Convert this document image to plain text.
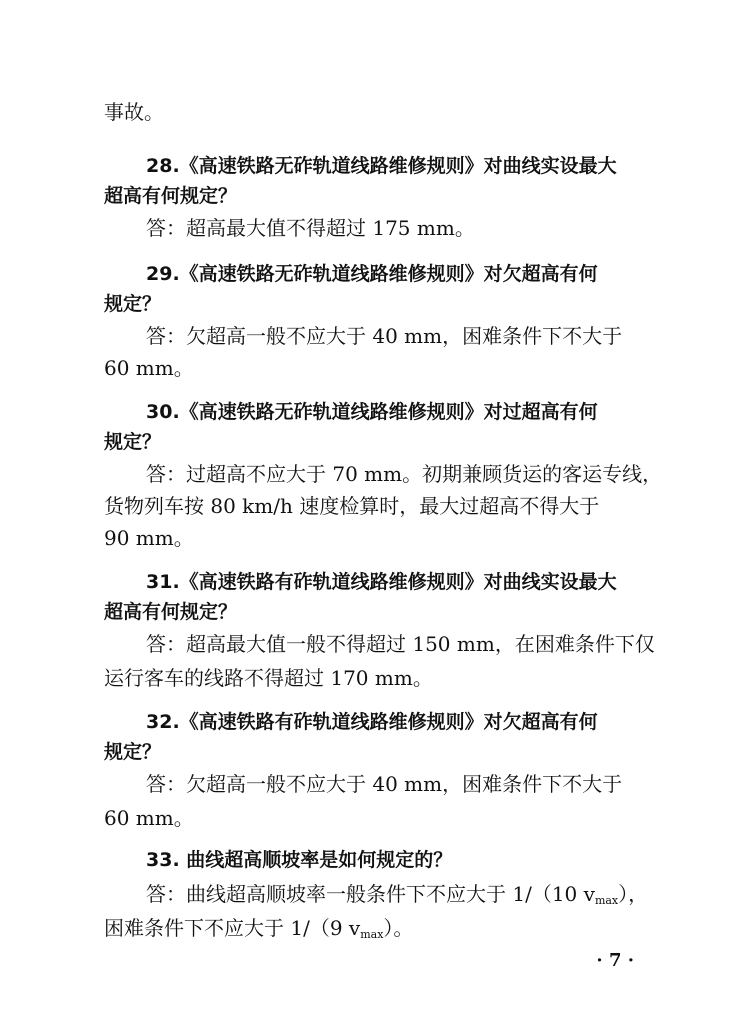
事故。
28.《高速铁路无砟轨道线路维修规则》对曲线实设最大
超高有何规定？
答：超高最大值不得超过 175 mm。
29.《高速铁路无砟轨道线路维修规则》对欠超高有何
规定？
答：欠超高一般不应大于 40 mm，困难条件下不大于
60 mm。
30.《高速铁路无砟轨道线路维修规则》对过超高有何
规定？
答：过超高不应大于 70 mm。初期兼顾货运的客运专线，
货物列车按 80 km/h 速度检算时，最大过超高不得大于
90 mm。
31.《高速铁路有砟轨道线路维修规则》对曲线实设最大
超高有何规定？
答：超高最大值一般不得超过 150 mm，在困难条件下仅
运行客车的线路不得超过 170 mm。
32.《高速铁路有砟轨道线路维修规则》对欠超高有何
规定？
答：欠超高一般不应大于 40 mm，困难条件下不大于
60 mm。
33. 曲线超高顺坡率是如何规定的？
答：曲线超高顺坡率一般条件下不应大于 1/（10 $v_{max}$），
困难条件下不应大于 1/（9 $v_{max}$）。
· 7 ·
